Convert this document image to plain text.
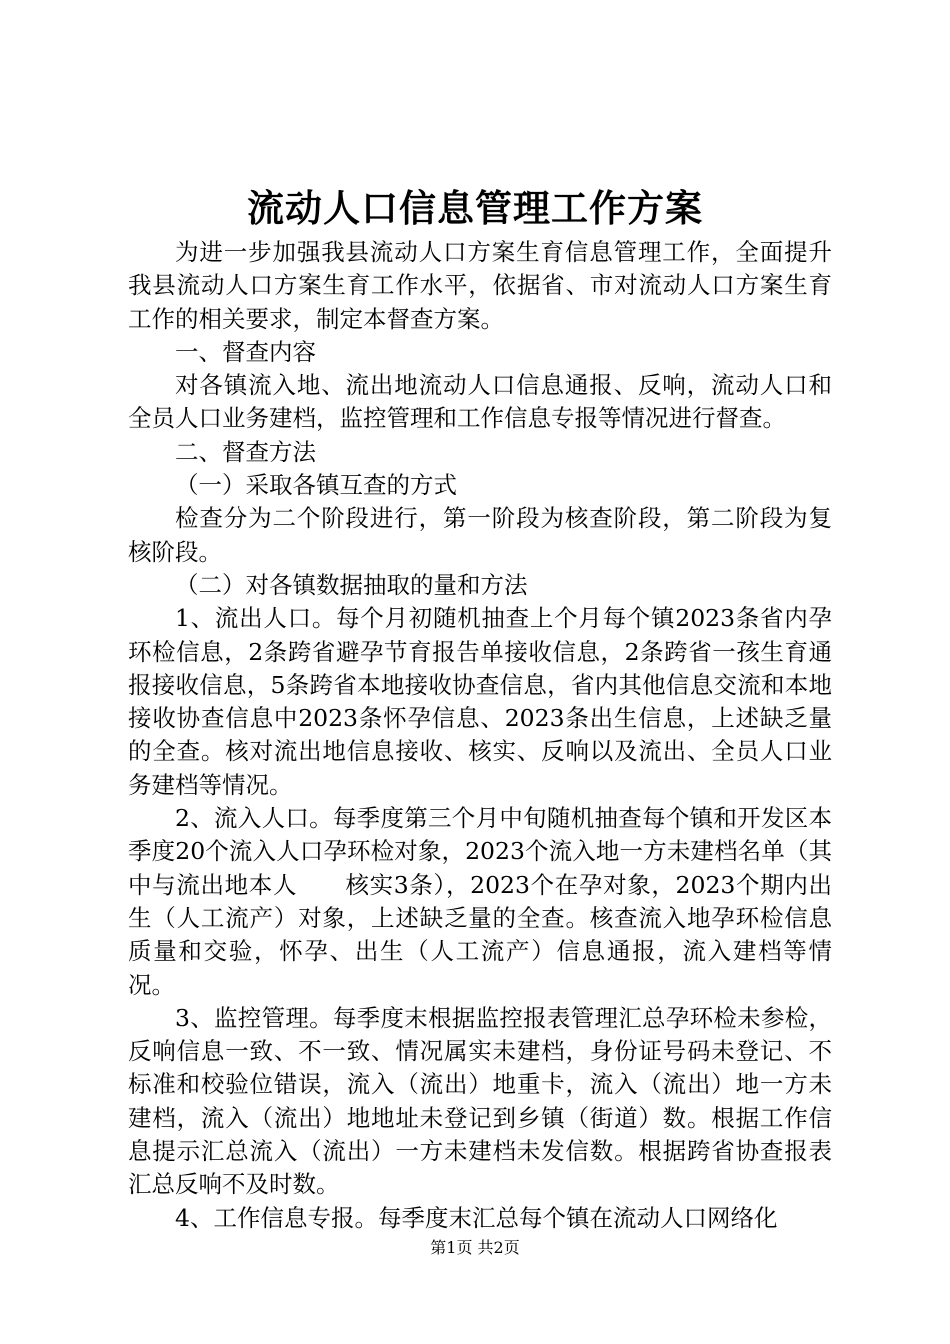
流动人口信息管理工作方案

为进一步加强我县流动人口方案生育信息管理工作，全面提升我县流动人口方案生育工作水平，依据省、市对流动人口方案生育工作的相关要求，制定本督查方案。

一、督查内容

对各镇流入地、流出地流动人口信息通报、反响，流动人口和全员人口业务建档，监控管理和工作信息专报等情况进行督查。

二、督查方法

（一）采取各镇互查的方式

检查分为二个阶段进行，第一阶段为核查阶段，第二阶段为复核阶段。

（二）对各镇数据抽取的量和方法

1、流出人口。每个月初随机抽查上个月每个镇2023条省内孕环检信息，2条跨省避孕节育报告单接收信息，2条跨省一孩生育通报接收信息，5条跨省本地接收协查信息，省内其他信息交流和本地接收协查信息中2023条怀孕信息、2023条出生信息，上述缺乏量的全查。核对流出地信息接收、核实、反响以及流出、全员人口业务建档等情况。

2、流入人口。每季度第三个月中旬随机抽查每个镇和开发区本季度20个流入人口孕环检对象，2023个流入地一方未建档名单（其中与流出地本人　　核实3条），2023个在孕对象，2023个期内出生（人工流产）对象，上述缺乏量的全查。核查流入地孕环检信息质量和交验，怀孕、出生（人工流产）信息通报，流入建档等情况。

3、监控管理。每季度末根据监控报表管理汇总孕环检未参检，反响信息一致、不一致、情况属实未建档，身份证号码未登记、不标准和校验位错误，流入（流出）地重卡，流入（流出）地一方未建档，流入（流出）地地址未登记到乡镇（街道）数。根据工作信息提示汇总流入（流出）一方未建档未发信数。根据跨省协查报表汇总反响不及时数。

4、工作信息专报。每季度末汇总每个镇在流动人口网络化

第1页 共2页
